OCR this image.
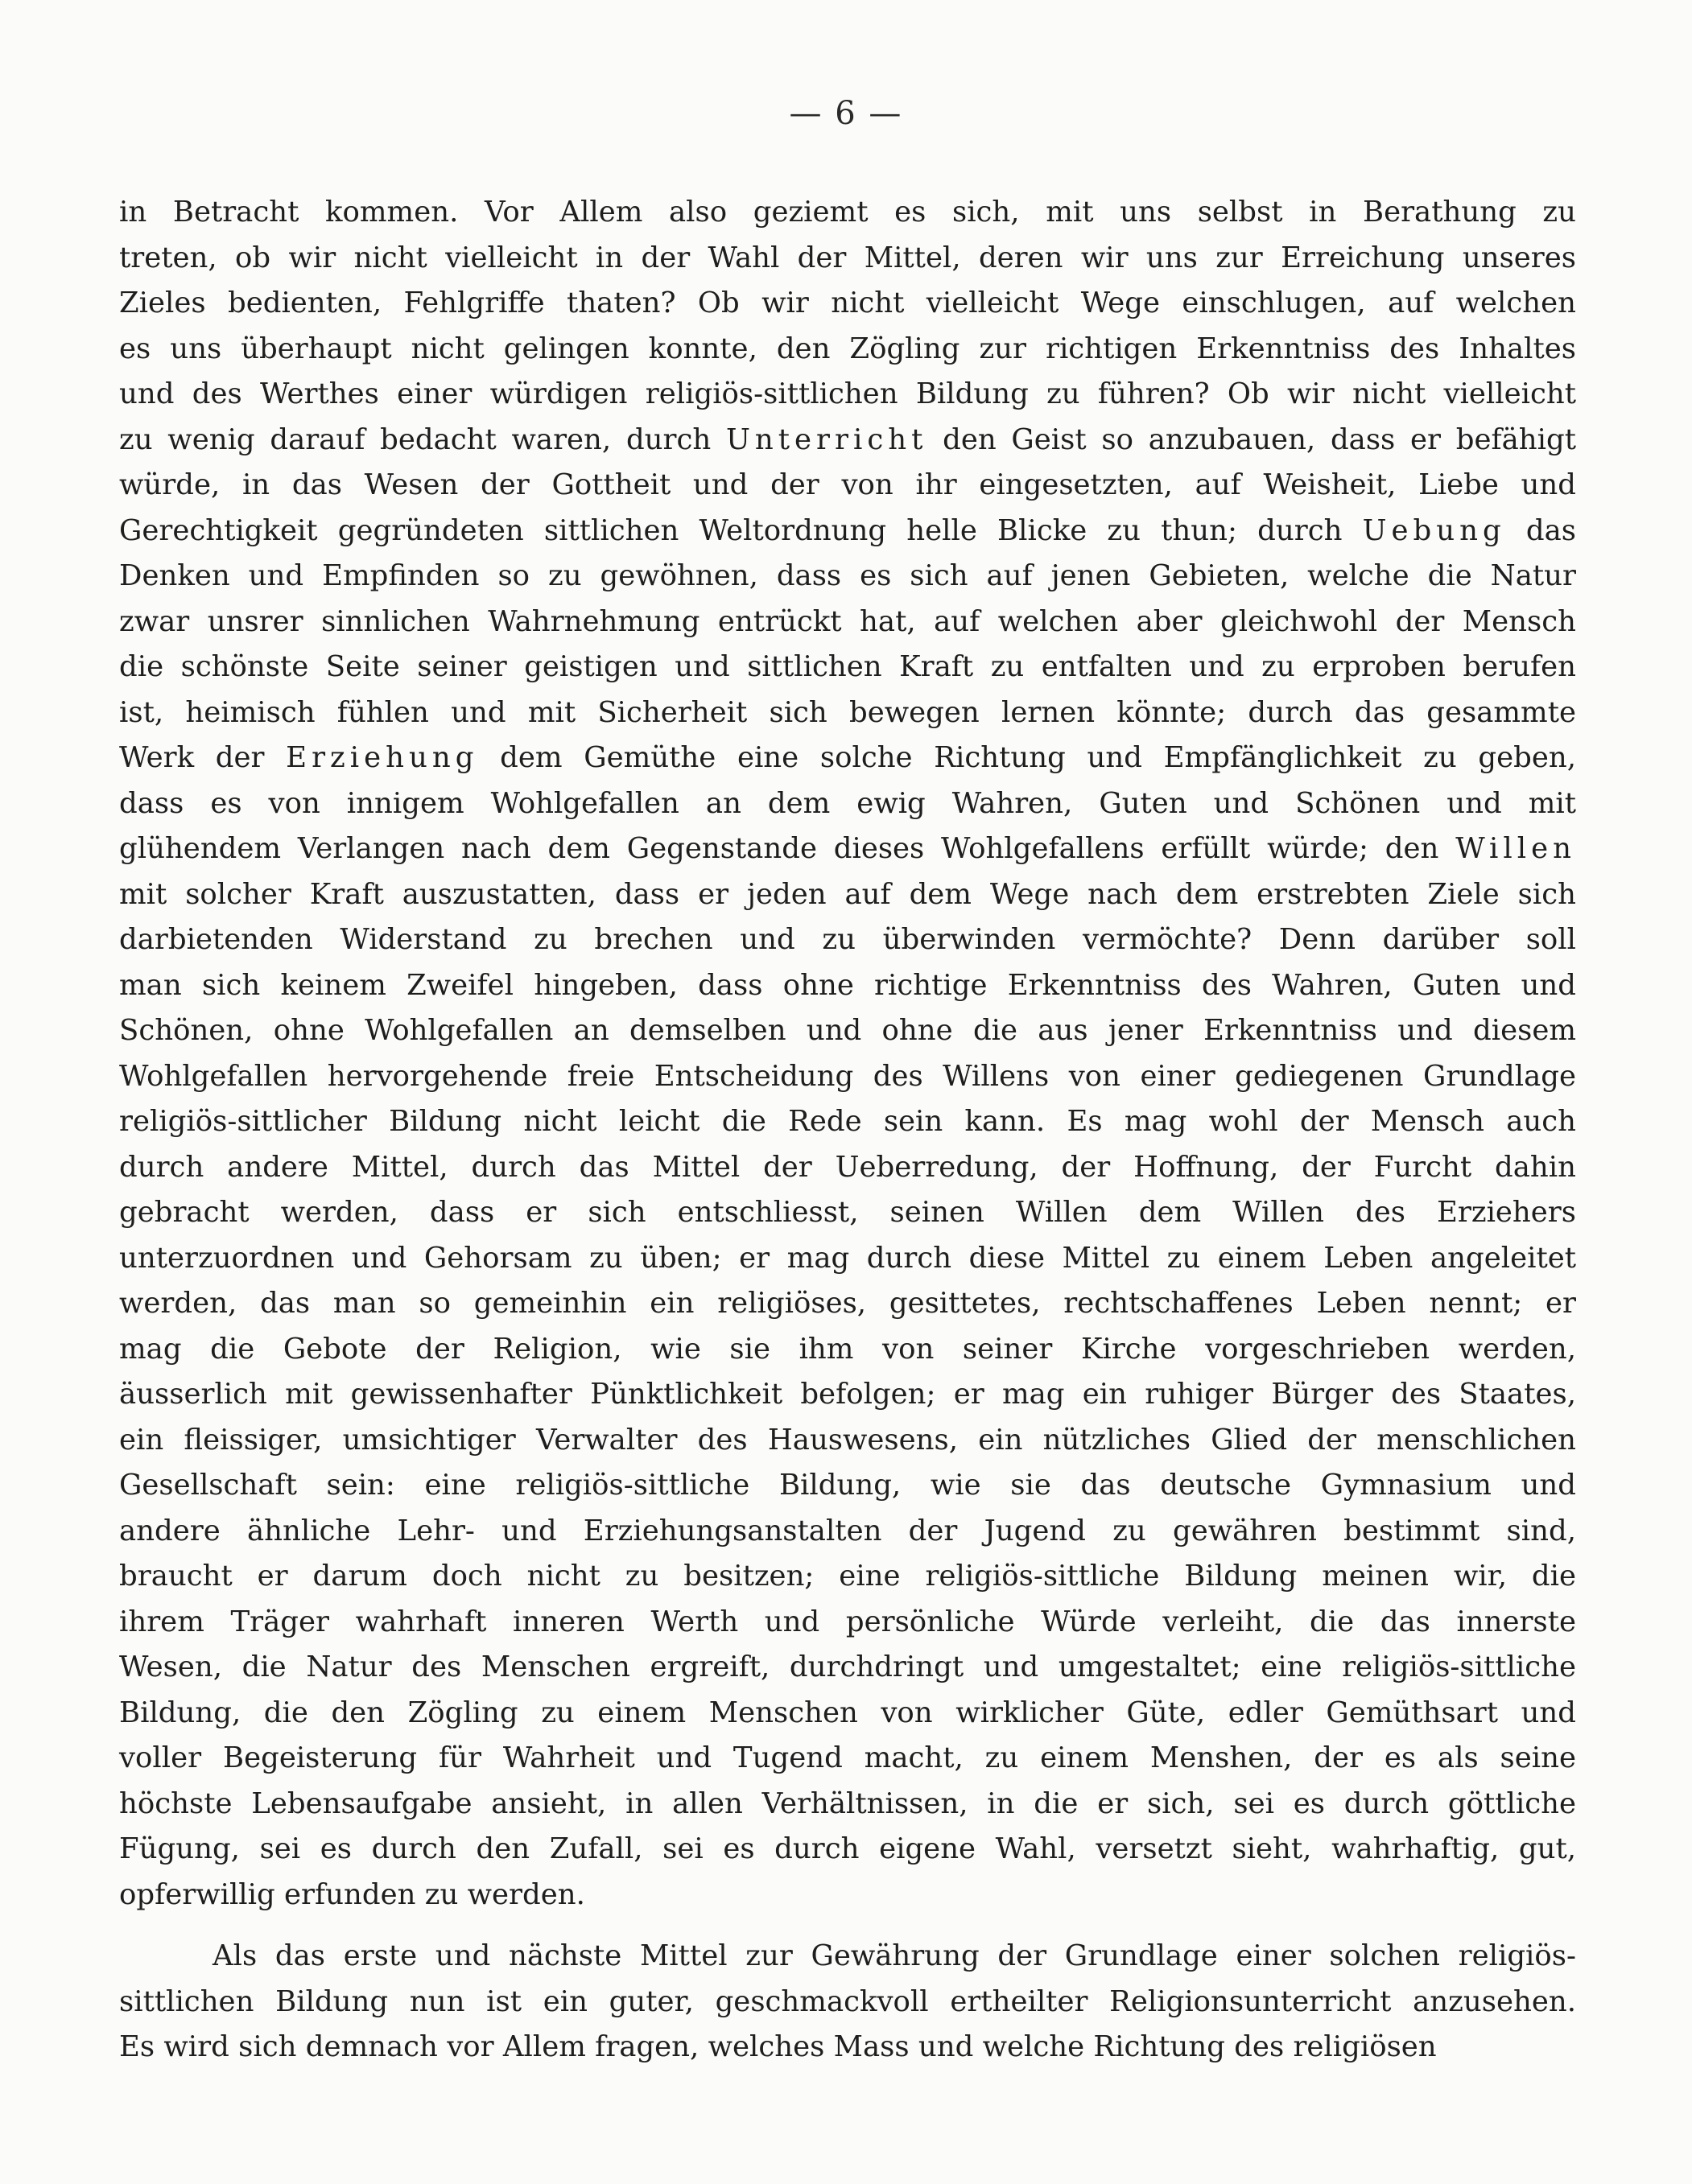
— 6 —
in Betracht kommen. Vor Allem also geziemt es sich, mit uns selbst in Berathung zu
treten, ob wir nicht vielleicht in der Wahl der Mittel, deren wir uns zur Erreichung unseres
Zieles bedienten, Fehlgriffe thaten? Ob wir nicht vielleicht Wege einschlugen, auf welchen
es uns überhaupt nicht gelingen konnte, den Zögling zur richtigen Erkenntniss des Inhaltes
und des Werthes einer würdigen religiös-sittlichen Bildung zu führen? Ob wir nicht vielleicht
zu wenig darauf bedacht waren, durch Unterricht den Geist so anzubauen, dass er befähigt
würde, in das Wesen der Gottheit und der von ihr eingesetzten, auf Weisheit, Liebe und
Gerechtigkeit gegründeten sittlichen Weltordnung helle Blicke zu thun; durch Uebung das
Denken und Empfinden so zu gewöhnen, dass es sich auf jenen Gebieten, welche die Natur
zwar unsrer sinnlichen Wahrnehmung entrückt hat, auf welchen aber gleichwohl der Mensch
die schönste Seite seiner geistigen und sittlichen Kraft zu entfalten und zu erproben berufen
ist, heimisch fühlen und mit Sicherheit sich bewegen lernen könnte; durch das gesammte
Werk der Erziehung dem Gemüthe eine solche Richtung und Empfänglichkeit zu geben,
dass es von innigem Wohlgefallen an dem ewig Wahren, Guten und Schönen und mit
glühendem Verlangen nach dem Gegenstande dieses Wohlgefallens erfüllt würde; den Willen
mit solcher Kraft auszustatten, dass er jeden auf dem Wege nach dem erstrebten Ziele sich
darbietenden Widerstand zu brechen und zu überwinden vermöchte? Denn darüber soll
man sich keinem Zweifel hingeben, dass ohne richtige Erkenntniss des Wahren, Guten und
Schönen, ohne Wohlgefallen an demselben und ohne die aus jener Erkenntniss und diesem
Wohlgefallen hervorgehende freie Entscheidung des Willens von einer gediegenen Grundlage
religiös-sittlicher Bildung nicht leicht die Rede sein kann. Es mag wohl der Mensch auch
durch andere Mittel, durch das Mittel der Ueberredung, der Hoffnung, der Furcht dahin
gebracht werden, dass er sich entschliesst, seinen Willen dem Willen des Erziehers
unterzuordnen und Gehorsam zu üben; er mag durch diese Mittel zu einem Leben angeleitet
werden, das man so gemeinhin ein religiöses, gesittetes, rechtschaffenes Leben nennt; er
mag die Gebote der Religion, wie sie ihm von seiner Kirche vorgeschrieben werden,
äusserlich mit gewissenhafter Pünktlichkeit befolgen; er mag ein ruhiger Bürger des Staates,
ein fleissiger, umsichtiger Verwalter des Hauswesens, ein nützliches Glied der menschlichen
Gesellschaft sein: eine religiös-sittliche Bildung, wie sie das deutsche Gymnasium und
andere ähnliche Lehr- und Erziehungsanstalten der Jugend zu gewähren bestimmt sind,
braucht er darum doch nicht zu besitzen; eine religiös-sittliche Bildung meinen wir, die
ihrem Träger wahrhaft inneren Werth und persönliche Würde verleiht, die das innerste
Wesen, die Natur des Menschen ergreift, durchdringt und umgestaltet; eine religiös-sittliche
Bildung, die den Zögling zu einem Menschen von wirklicher Güte, edler Gemüthsart und
voller Begeisterung für Wahrheit und Tugend macht, zu einem Menshen, der es als seine
höchste Lebensaufgabe ansieht, in allen Verhältnissen, in die er sich, sei es durch göttliche
Fügung, sei es durch den Zufall, sei es durch eigene Wahl, versetzt sieht, wahrhaftig, gut,
opferwillig erfunden zu werden.
Als das erste und nächste Mittel zur Gewährung der Grundlage einer solchen religiös-
sittlichen Bildung nun ist ein guter, geschmackvoll ertheilter Religionsunterricht anzusehen.
Es wird sich demnach vor Allem fragen, welches Mass und welche Richtung des religiösen
